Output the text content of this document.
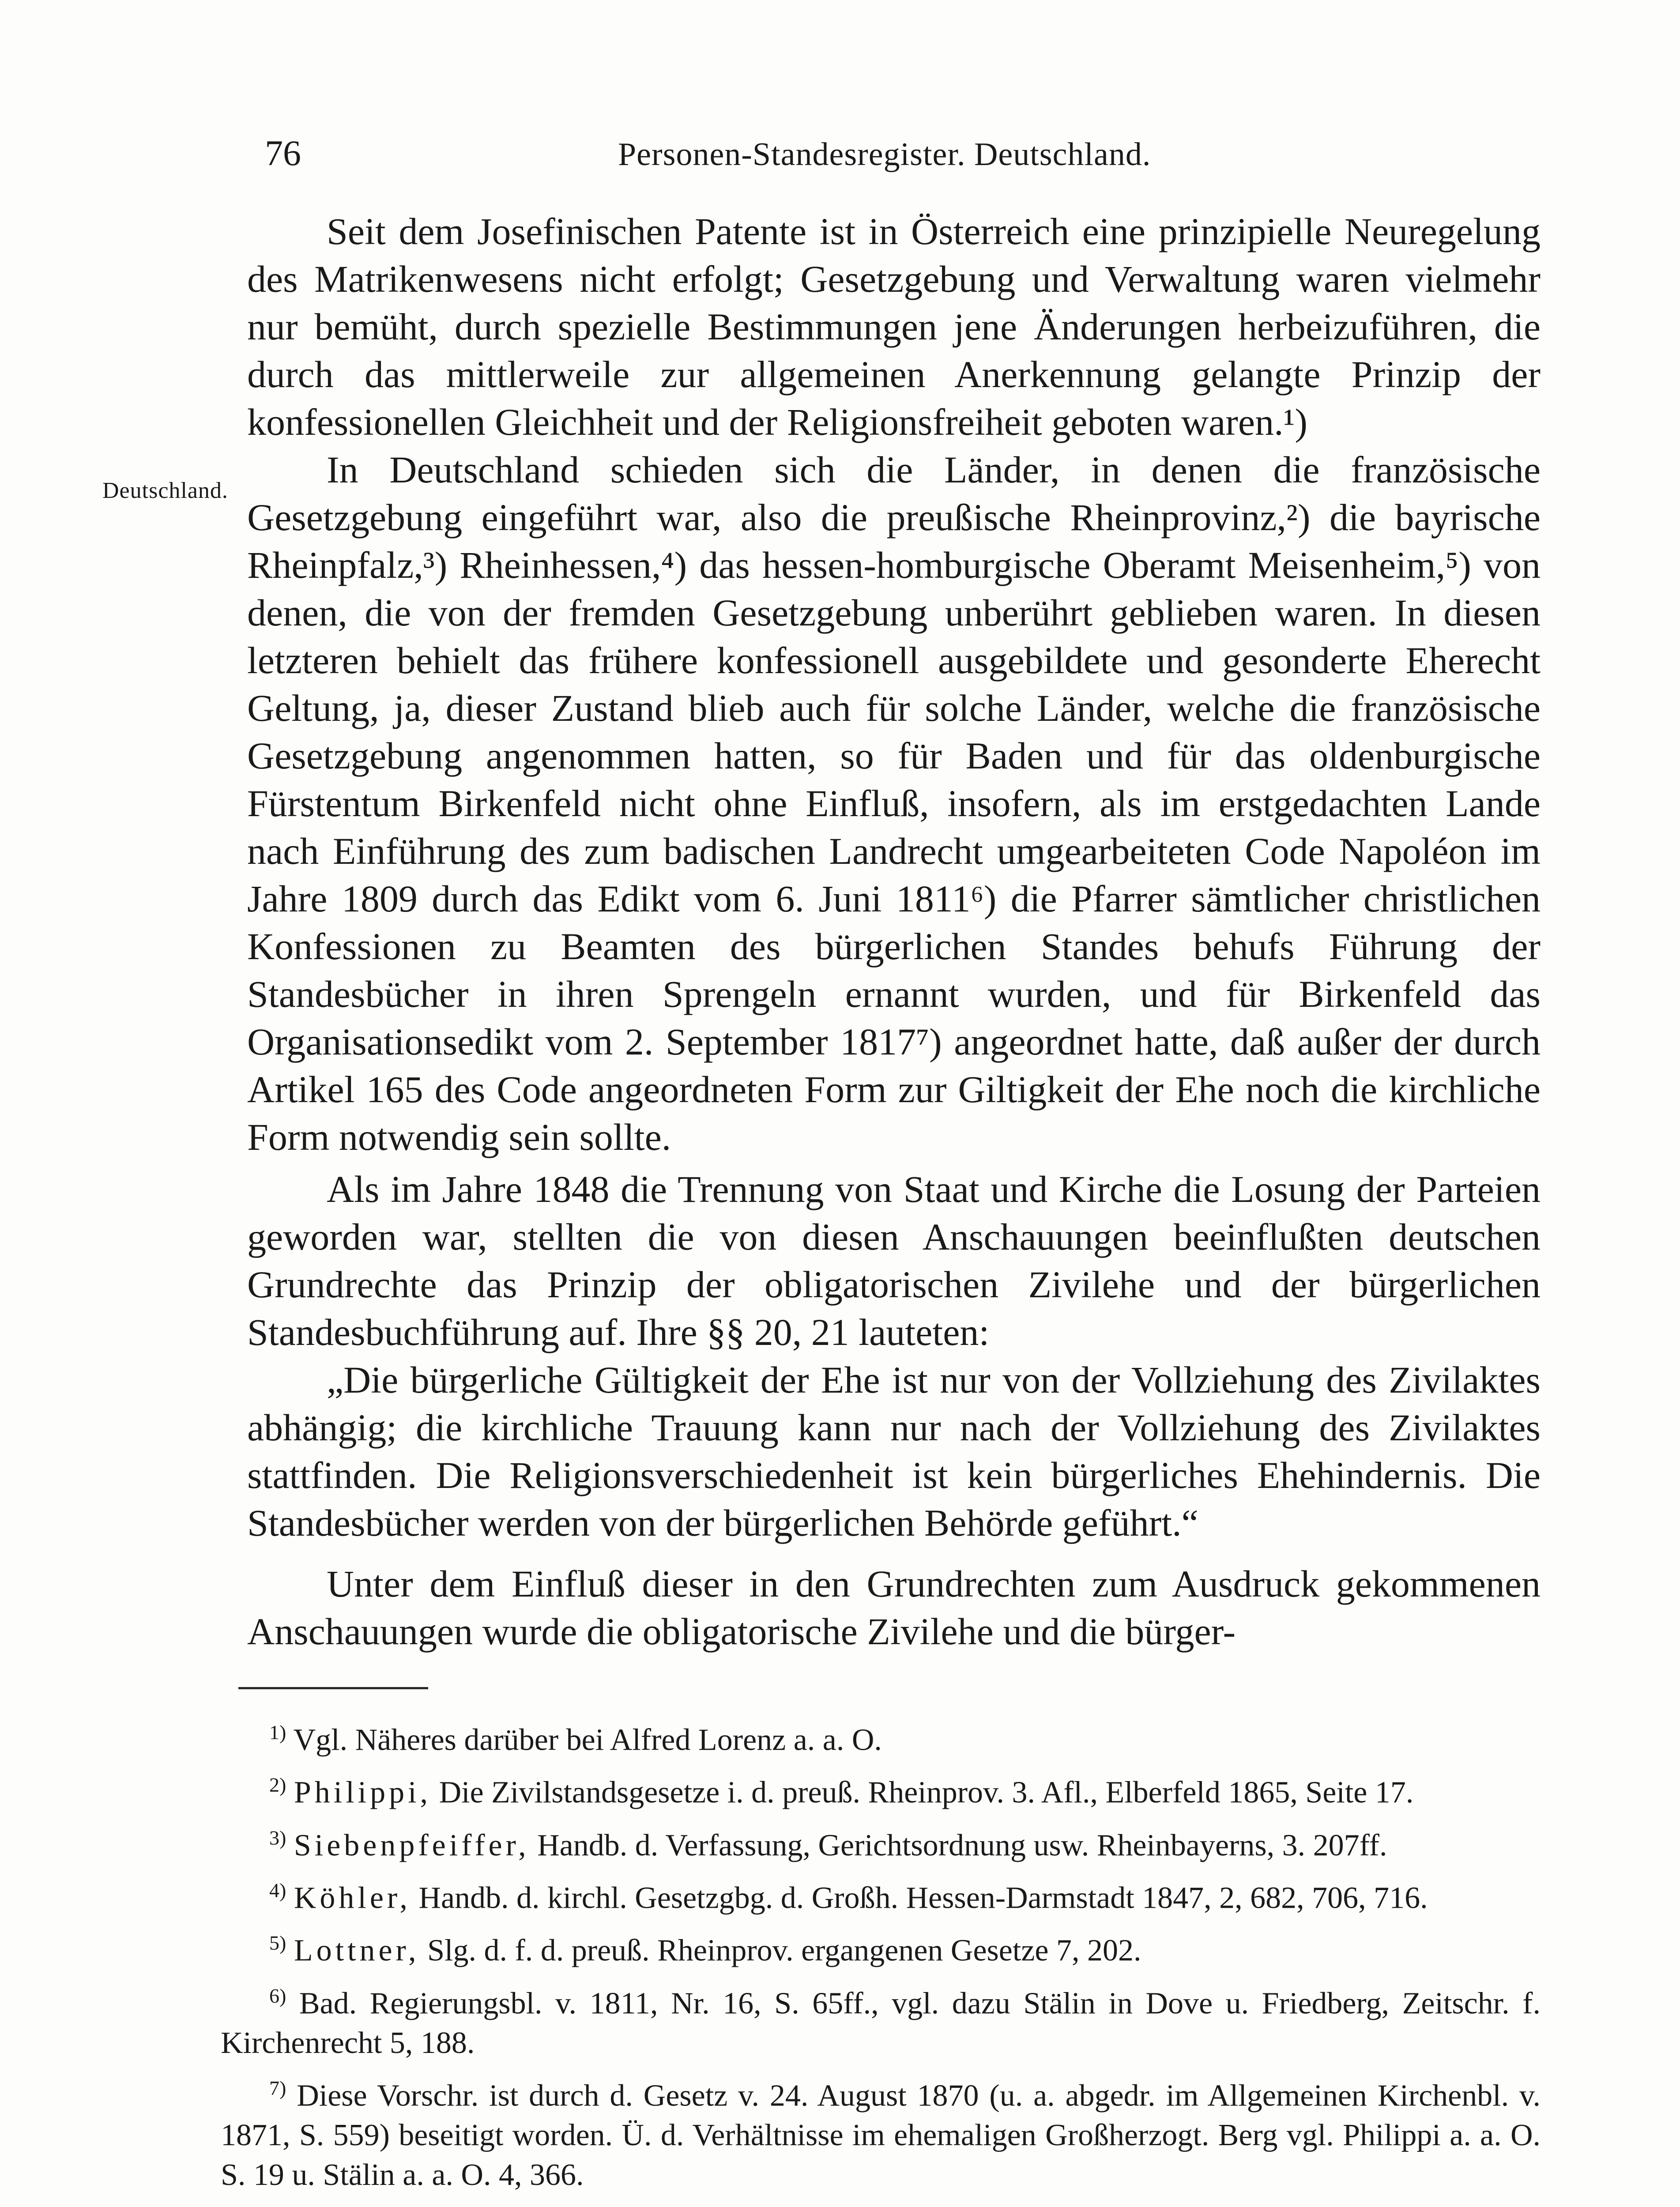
76	Personen-Standesregister. Deutschland.
Deutschland.

Seit dem Josefinischen Patente ist in Österreich eine prinzipielle Neuregelung des Matrikenwesens nicht erfolgt; Gesetzgebung und Verwaltung waren vielmehr nur bemüht, durch spezielle Bestimmungen jene Änderungen herbeizuführen, die durch das mittlerweile zur allgemeinen Anerkennung gelangte Prinzip der konfessionellen Gleichheit und der Religionsfreiheit geboten waren.¹)

In Deutschland schieden sich die Länder, in denen die französische Gesetzgebung eingeführt war, also die preußische Rheinprovinz,²) die bayrische Rheinpfalz,³) Rheinhessen,⁴) das hessen-homburgische Oberamt Meisenheim,⁵) von denen, die von der fremden Gesetzgebung unberührt geblieben waren. In diesen letzteren behielt das frühere konfessionell ausgebildete und gesonderte Eherecht Geltung, ja, dieser Zustand blieb auch für solche Länder, welche die französische Gesetzgebung angenommen hatten, so für Baden und für das oldenburgische Fürstentum Birkenfeld nicht ohne Einfluß, insofern, als im erstgedachten Lande nach Einführung des zum badischen Landrecht umgearbeiteten Code Napoléon im Jahre 1809 durch das Edikt vom 6. Juni 1811⁶) die Pfarrer sämtlicher christlichen Konfessionen zu Beamten des bürgerlichen Standes behufs Führung der Standesbücher in ihren Sprengeln ernannt wurden, und für Birkenfeld das Organisationsedikt vom 2. September 1817⁷) angeordnet hatte, daß außer der durch Artikel 165 des Code angeordneten Form zur Giltigkeit der Ehe noch die kirchliche Form notwendig sein sollte.

Als im Jahre 1848 die Trennung von Staat und Kirche die Losung der Parteien geworden war, stellten die von diesen Anschauungen beeinflußten deutschen Grundrechte das Prinzip der obligatorischen Zivilehe und der bürgerlichen Standesbuchführung auf. Ihre §§ 20, 21 lauteten:

„Die bürgerliche Gültigkeit der Ehe ist nur von der Vollziehung des Zivilaktes abhängig; die kirchliche Trauung kann nur nach der Vollziehung des Zivilaktes stattfinden. Die Religionsverschiedenheit ist kein bürgerliches Ehehindernis. Die Standesbücher werden von der bürgerlichen Behörde geführt.“

Unter dem Einfluß dieser in den Grundrechten zum Ausdruck gekommenen Anschauungen wurde die obligatorische Zivilehe und die bürger-

$^{1)}$ Vgl. Näheres darüber bei Alfred Lorenz a. a. O.

$^{2)}$ Philippi, Die Zivilstandsgesetze i. d. preuß. Rheinprov. 3. Afl., Elberfeld 1865, Seite 17.

$^{3)}$ Siebenpfeiffer, Handb. d. Verfassung, Gerichtsordnung usw. Rheinbayerns, 3. 207ff.

$^{4)}$ Köhler, Handb. d. kirchl. Gesetzgbg. d. Großh. Hessen-Darmstadt 1847, 2, 682, 706, 716.

$^{5)}$ Lottner, Slg. d. f. d. preuß. Rheinprov. ergangenen Gesetze 7, 202.

$^{6)}$ Bad. Regierungsbl. v. 1811, Nr. 16, S. 65ff., vgl. dazu Stälin in Dove u. Friedberg, Zeitschr. f. Kirchenrecht 5, 188.

$^{7)}$ Diese Vorschr. ist durch d. Gesetz v. 24. August 1870 (u. a. abgedr. im Allgemeinen Kirchenbl. v. 1871, S. 559) beseitigt worden. Ü. d. Verhältnisse im ehemaligen Großherzogt. Berg vgl. Philippi a. a. O. S. 19 u. Stälin a. a. O. 4, 366.
